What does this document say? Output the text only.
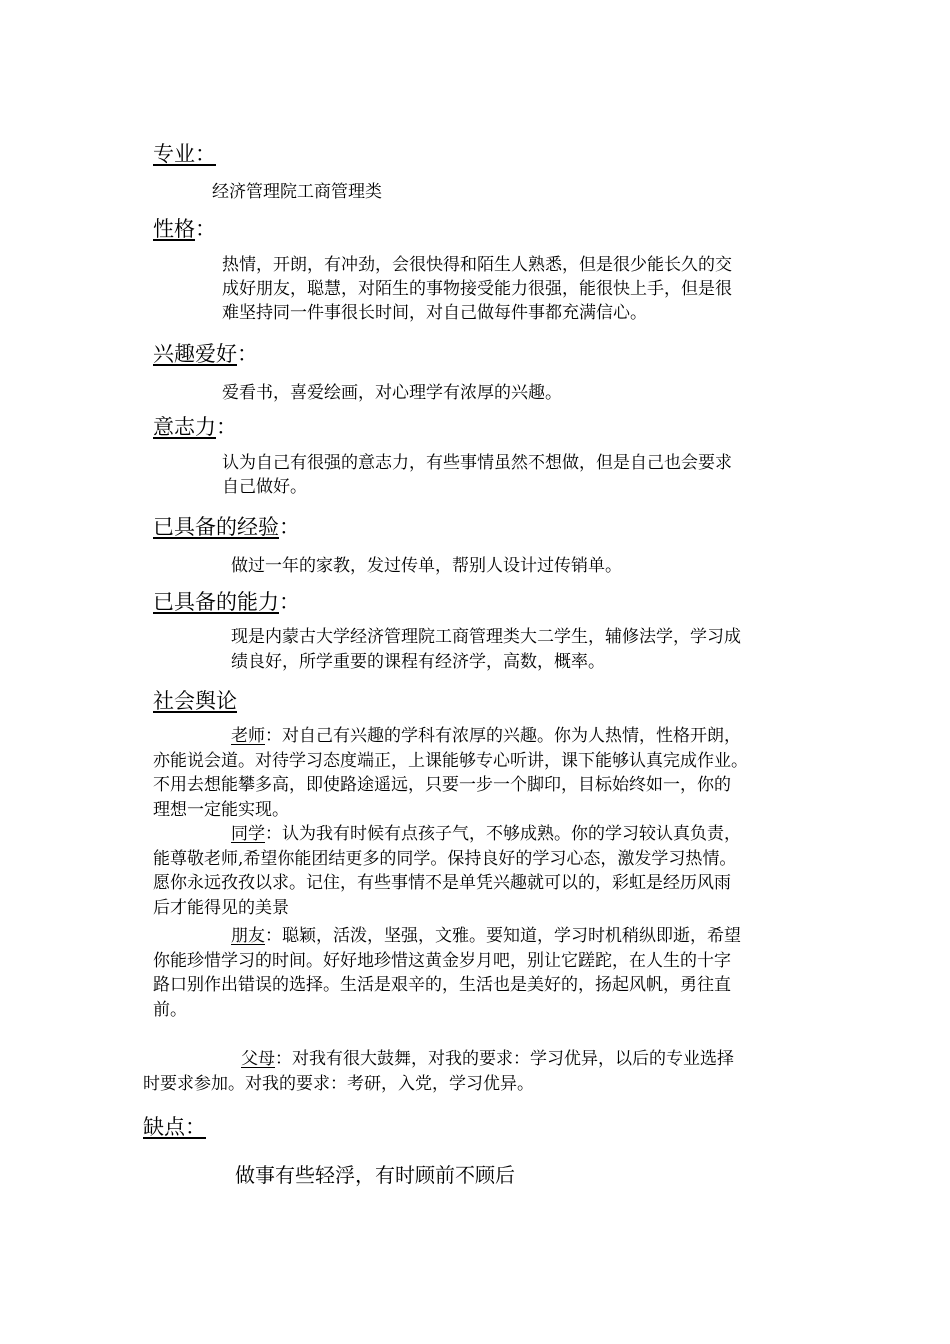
专业：
经济管理院工商管理类
性格：
热情，开朗，有冲劲，会很快得和陌生人熟悉，但是很少能长久的交
成好朋友，聪慧，对陌生的事物接受能力很强，能很快上手，但是很
难坚持同一件事很长时间，对自己做每件事都充满信心。
兴趣爱好：
爱看书，喜爱绘画，对心理学有浓厚的兴趣。
意志力：
认为自己有很强的意志力，有些事情虽然不想做，但是自己也会要求
自己做好。
已具备的经验：
做过一年的家教，发过传单，帮别人设计过传销单。
已具备的能力：
现是内蒙古大学经济管理院工商管理类大二学生，辅修法学，学习成
绩良好，所学重要的课程有经济学，高数，概率。
社会舆论
老师：对自己有兴趣的学科有浓厚的兴趣。你为人热情，性格开朗，
亦能说会道。对待学习态度端正，上课能够专心听讲，课下能够认真完成作业。
不用去想能攀多高，即使路途遥远，只要一步一个脚印，目标始终如一，你的
理想一定能实现。
同学：认为我有时候有点孩子气，不够成熟。你的学习较认真负责，
能尊敬老师,希望你能团结更多的同学。保持良好的学习心态，激发学习热情。
愿你永远孜孜以求。记住，有些事情不是单凭兴趣就可以的，彩虹是经历风雨
后才能得见的美景
朋友：聪颖，活泼，坚强，文雅。要知道，学习时机稍纵即逝，希望
你能珍惜学习的时间。好好地珍惜这黄金岁月吧，别让它蹉跎，在人生的十字
路口别作出错误的选择。生活是艰辛的，生活也是美好的，扬起风帆，勇往直
前。
父母：对我有很大鼓舞，对我的要求：学习优异，以后的专业选择
时要求参加。对我的要求：考研，入党，学习优异。
缺点：
做事有些轻浮，有时顾前不顾后
